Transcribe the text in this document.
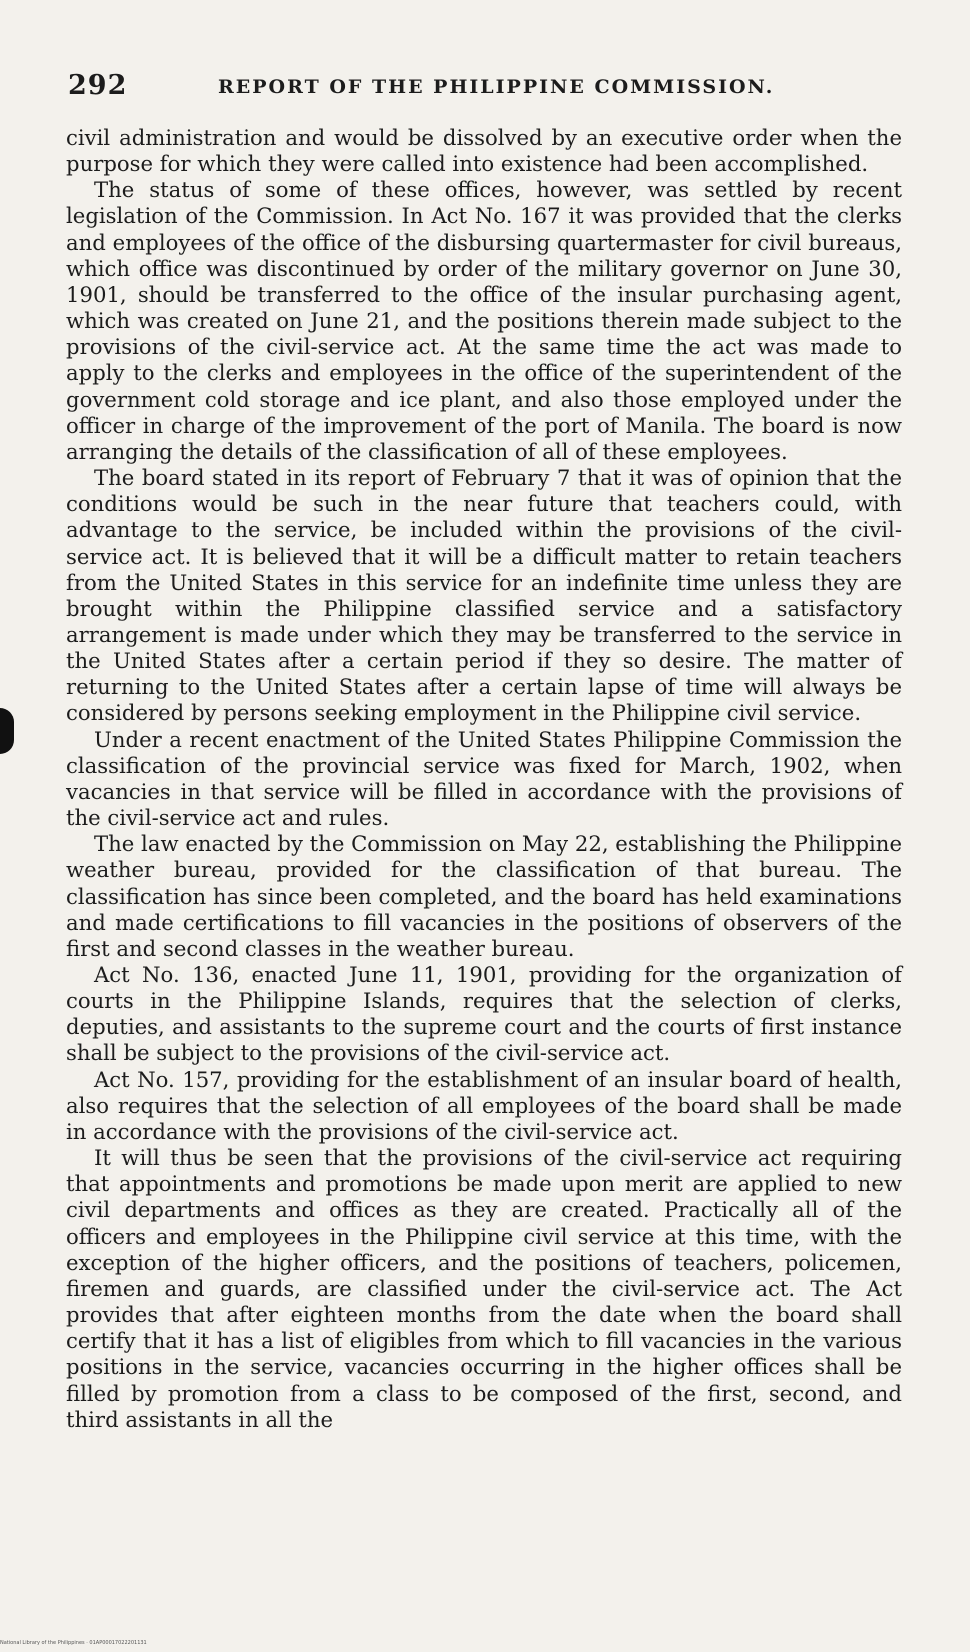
292	REPORT OF THE PHILIPPINE COMMISSION.

civil administration and would be dissolved by an executive order when the purpose for which they were called into existence had been accomplished.

The status of some of these offices, however, was settled by recent legislation of the Commission. In Act No. 167 it was provided that the clerks and employees of the office of the disbursing quartermaster for civil bureaus, which office was discontinued by order of the military governor on June 30, 1901, should be transferred to the office of the insular purchasing agent, which was created on June 21, and the positions therein made subject to the provisions of the civil-service act. At the same time the act was made to apply to the clerks and employees in the office of the superintendent of the government cold storage and ice plant, and also those employed under the officer in charge of the improvement of the port of Manila. The board is now arranging the details of the classification of all of these employees.

The board stated in its report of February 7 that it was of opinion that the conditions would be such in the near future that teachers could, with advantage to the service, be included within the provisions of the civil-service act. It is believed that it will be a difficult matter to retain teachers from the United States in this service for an indefinite time unless they are brought within the Philippine classified service and a satisfactory arrangement is made under which they may be transferred to the service in the United States after a certain period if they so desire. The matter of returning to the United States after a certain lapse of time will always be considered by persons seeking employment in the Philippine civil service.

Under a recent enactment of the United States Philippine Commission the classification of the provincial service was fixed for March, 1902, when vacancies in that service will be filled in accordance with the provisions of the civil-service act and rules.

The law enacted by the Commission on May 22, establishing the Philippine weather bureau, provided for the classification of that bureau. The classification has since been completed, and the board has held examinations and made certifications to fill vacancies in the positions of observers of the first and second classes in the weather bureau.

Act No. 136, enacted June 11, 1901, providing for the organization of courts in the Philippine Islands, requires that the selection of clerks, deputies, and assistants to the supreme court and the courts of first instance shall be subject to the provisions of the civil-service act.

Act No. 157, providing for the establishment of an insular board of health, also requires that the selection of all employees of the board shall be made in accordance with the provisions of the civil-service act.

It will thus be seen that the provisions of the civil-service act requiring that appointments and promotions be made upon merit are applied to new civil departments and offices as they are created. Practically all of the officers and employees in the Philippine civil service at this time, with the exception of the higher officers, and the positions of teachers, policemen, firemen and guards, are classified under the civil-service act. The Act provides that after eighteen months from the date when the board shall certify that it has a list of eligibles from which to fill vacancies in the various positions in the service, vacancies occurring in the higher offices shall be filled by promotion from a class to be composed of the first, second, and third assistants in all the

National Library of the Philippines · 01AP00017022201131
